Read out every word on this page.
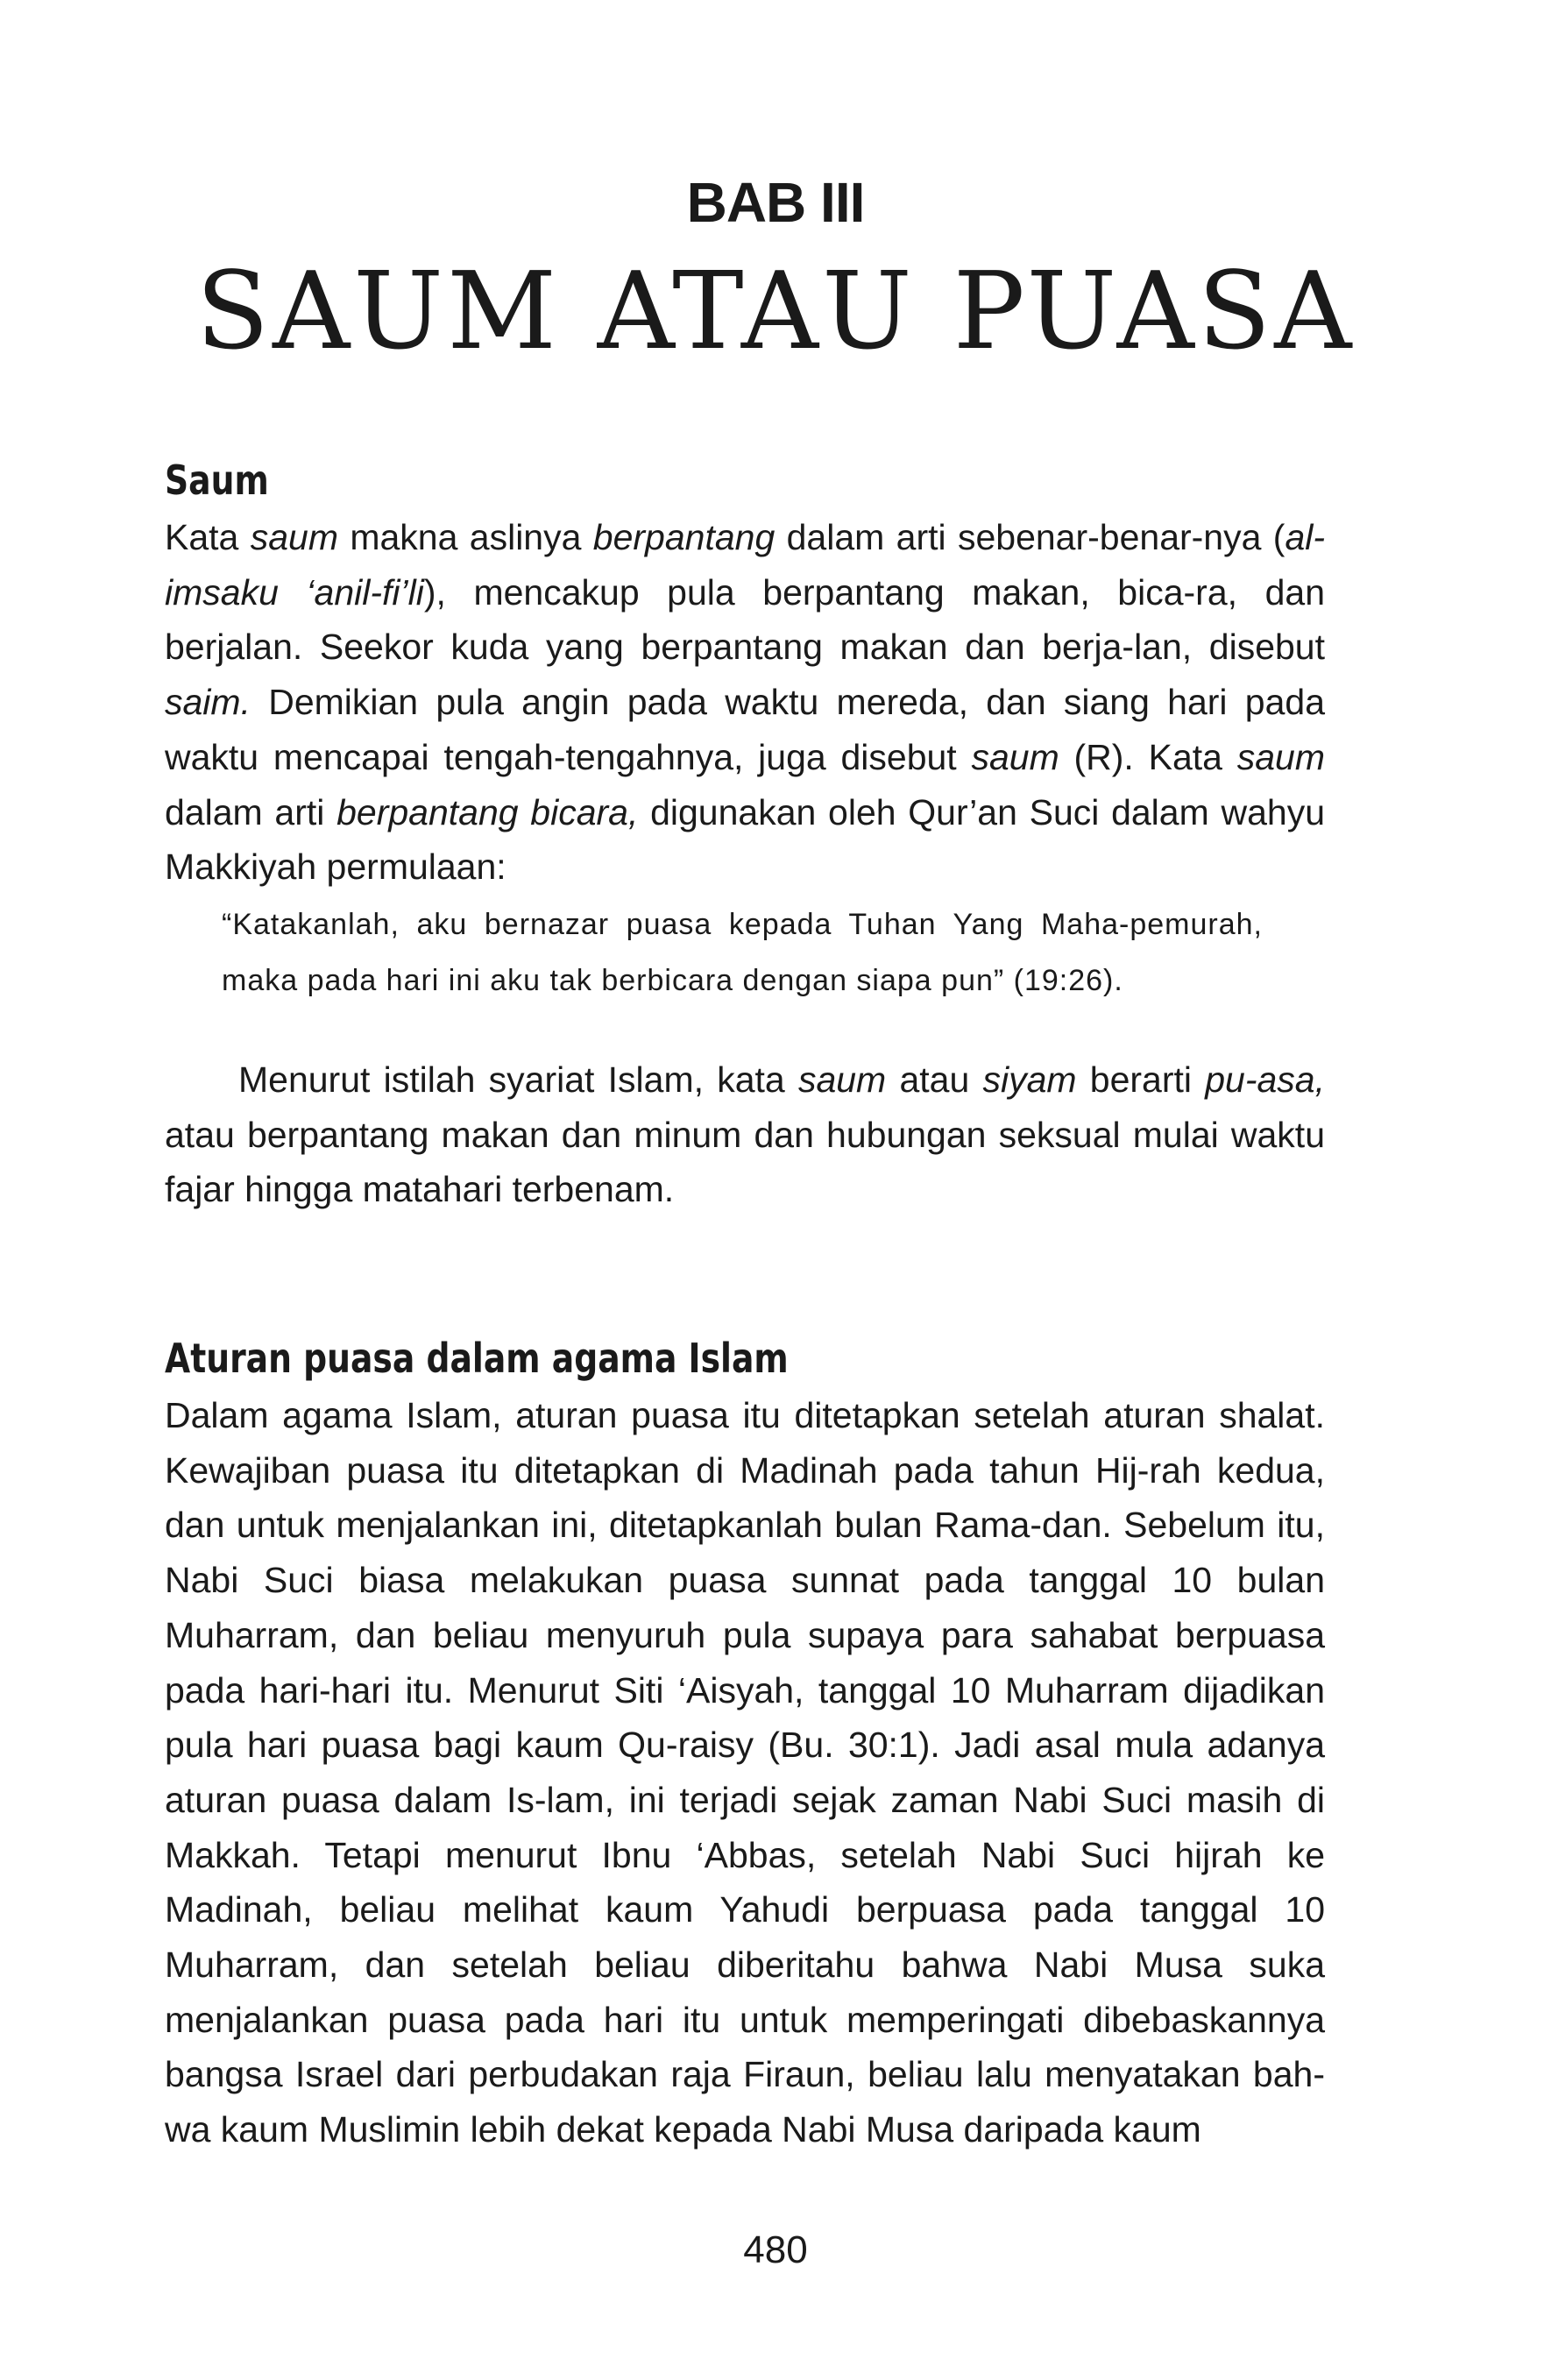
BAB III
SAUM ATAU PUASA
Saum

Kata saum makna aslinya berpantang dalam arti sebenar-benar-nya (al-imsaku ‘anil-fi’li), mencakup pula berpantang makan, bica-ra, dan berjalan. Seekor kuda yang berpantang makan dan berja-lan, disebut saim. Demikian pula angin pada waktu mereda, dan siang hari pada waktu mencapai tengah-tengahnya, juga disebut saum (R). Kata saum dalam arti berpantang bicara, digunakan oleh Qur’an Suci dalam wahyu Makkiyah permulaan:

“Katakanlah, aku bernazar puasa kepada Tuhan Yang Maha-pemurah, maka pada hari ini aku tak berbicara dengan siapa pun” (19:26).

Menurut istilah syariat Islam, kata saum atau siyam berarti pu-asa, atau berpantang makan dan minum dan hubungan seksual mulai waktu fajar hingga matahari terbenam.

Aturan puasa dalam agama Islam

Dalam agama Islam, aturan puasa itu ditetapkan setelah aturan shalat. Kewajiban puasa itu ditetapkan di Madinah pada tahun Hij-rah kedua, dan untuk menjalankan ini, ditetapkanlah bulan Rama-dan. Sebelum itu, Nabi Suci biasa melakukan puasa sunnat pada tanggal 10 bulan Muharram, dan beliau menyuruh pula supaya para sahabat berpuasa pada hari-hari itu. Menurut Siti ‘Aisyah, tanggal 10 Muharram dijadikan pula hari puasa bagi kaum Qu-raisy (Bu. 30:1). Jadi asal mula adanya aturan puasa dalam Is-lam, ini terjadi sejak zaman Nabi Suci masih di Makkah. Tetapi menurut Ibnu ‘Abbas, setelah Nabi Suci hijrah ke Madinah, beliau melihat kaum Yahudi berpuasa pada tanggal 10 Muharram, dan setelah beliau diberitahu bahwa Nabi Musa suka menjalankan puasa pada hari itu untuk memperingati dibebaskannya bangsa Israel dari perbudakan raja Firaun, beliau lalu menyatakan bah-wa kaum Muslimin lebih dekat kepada Nabi Musa daripada kaum

480
